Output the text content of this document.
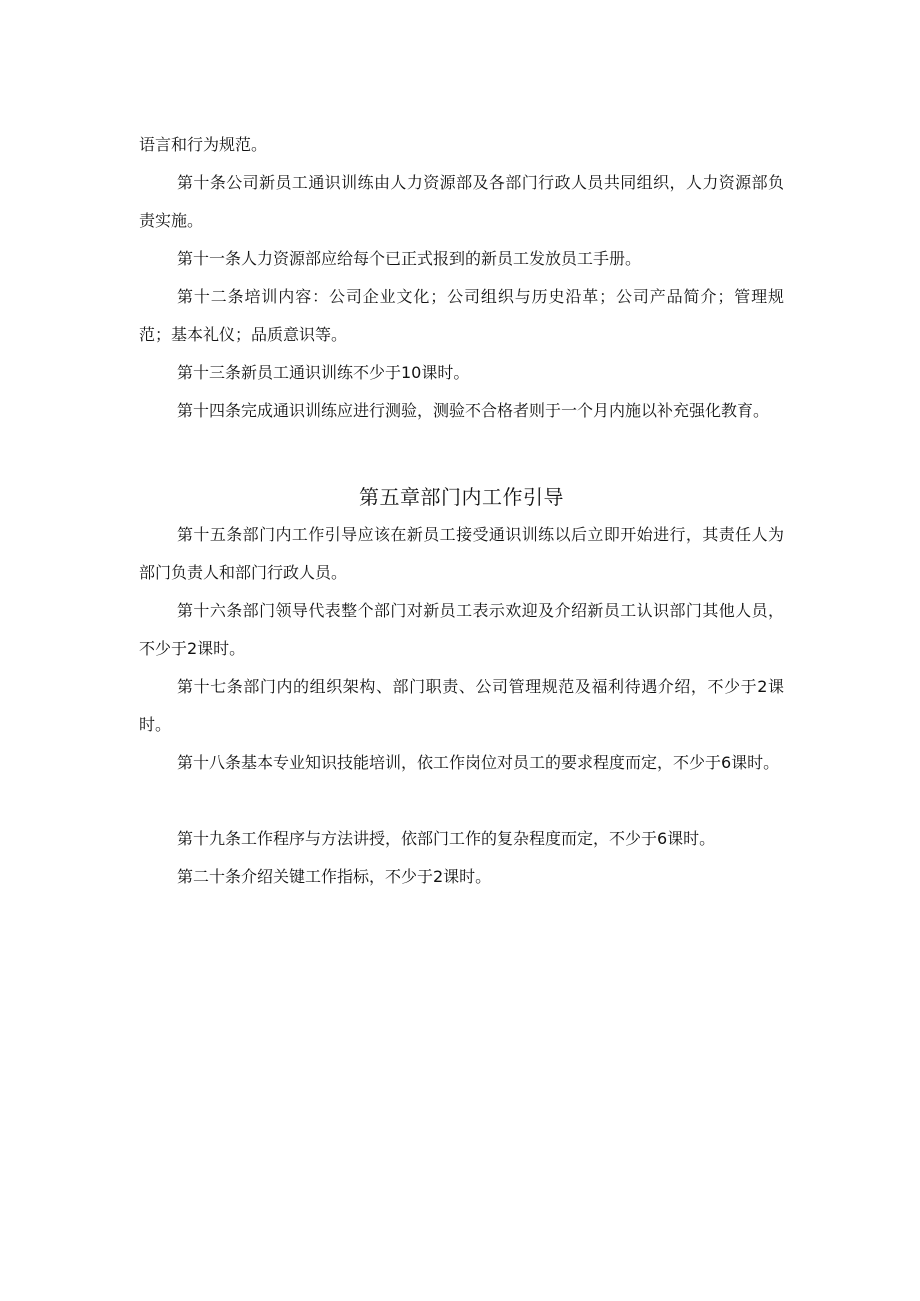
语言和行为规范。

第十条公司新员工通识训练由人力资源部及各部门行政人员共同组织，人力资源部负责实施。

第十一条人力资源部应给每个已正式报到的新员工发放员工手册。

第十二条培训内容：公司企业文化；公司组织与历史沿革；公司产品简介；管理规范；基本礼仪；品质意识等。

第十三条新员工通识训练不少于10课时。

第十四条完成通识训练应进行测验，测验不合格者则于一个月内施以补充强化教育。

第五章部门内工作引导

第十五条部门内工作引导应该在新员工接受通识训练以后立即开始进行，其责任人为部门负责人和部门行政人员。

第十六条部门领导代表整个部门对新员工表示欢迎及介绍新员工认识部门其他人员，不少于2课时。

第十七条部门内的组织架构、部门职责、公司管理规范及福利待遇介绍，不少于2课时。

第十八条基本专业知识技能培训，依工作岗位对员工的要求程度而定，不少于6课时。

第十九条工作程序与方法讲授，依部门工作的复杂程度而定，不少于6课时。

第二十条介绍关键工作指标，不少于2课时。
